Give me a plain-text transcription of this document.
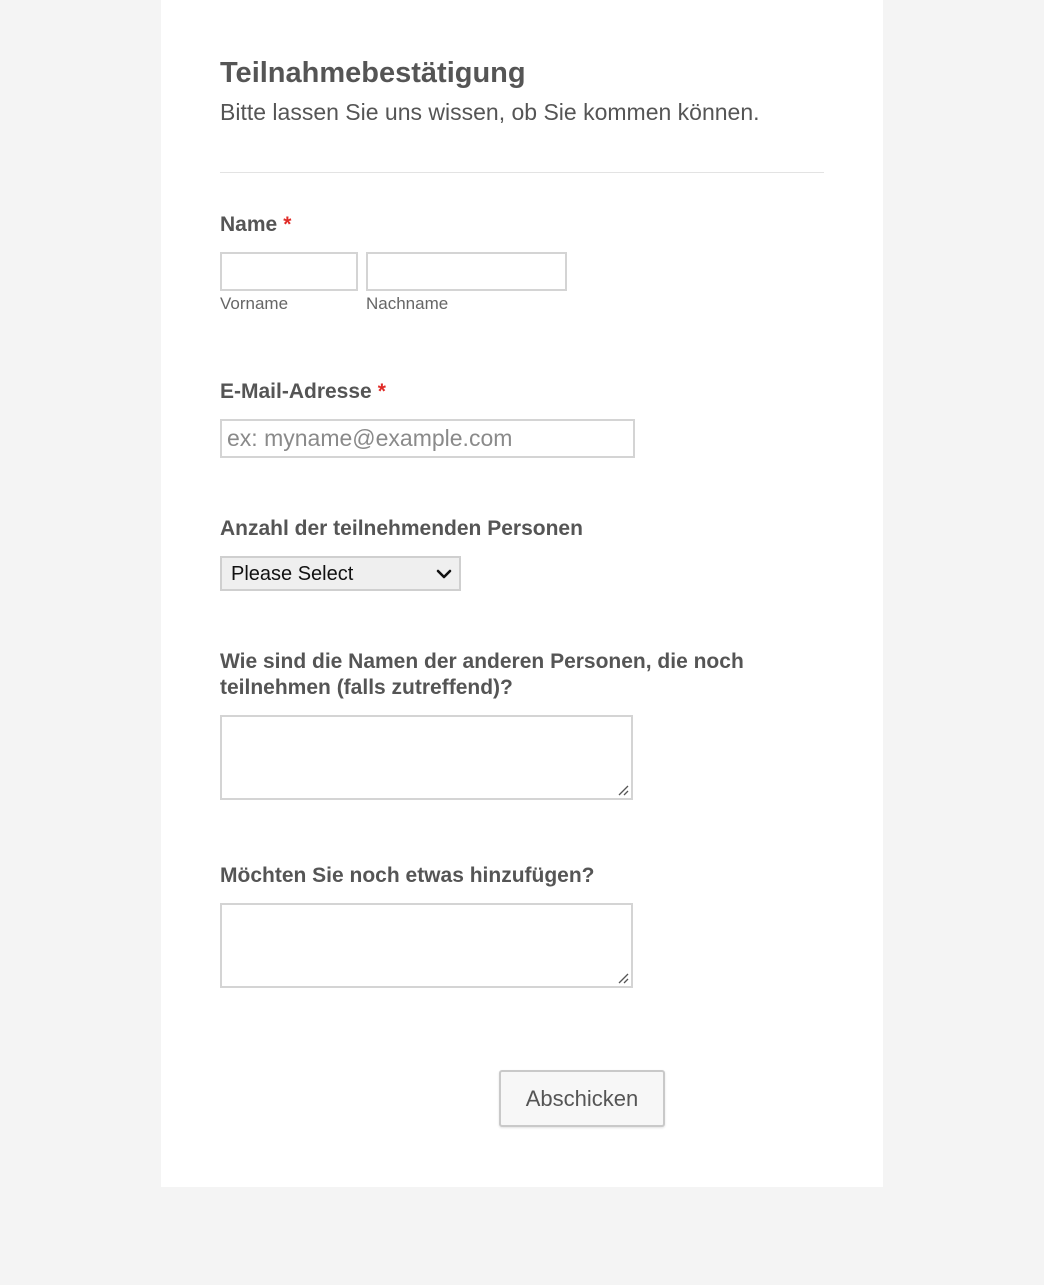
Teilnahmebestätigung
Bitte lassen Sie uns wissen, ob Sie kommen können.
Name *
Vorname	Nachname
E-Mail-Adresse *
ex: myname@example.com
Anzahl der teilnehmenden Personen
Please Select
Wie sind die Namen der anderen Personen, die noch teilnehmen (falls zutreffend)?
Möchten Sie noch etwas hinzufügen?
Abschicken
